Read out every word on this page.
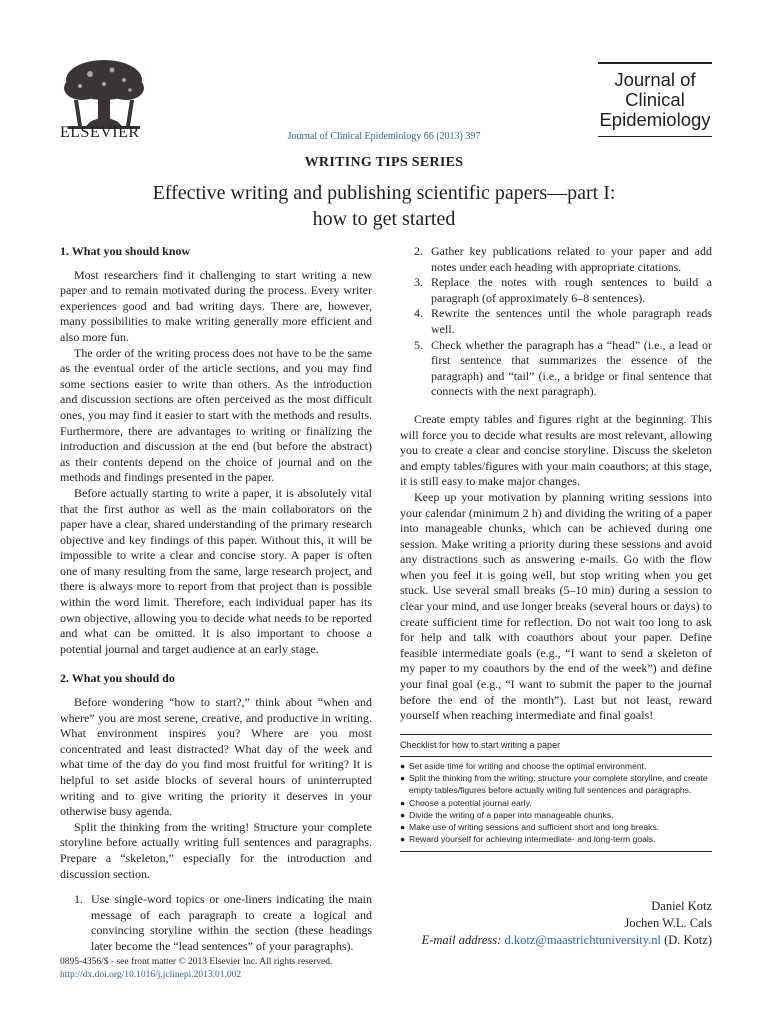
ELSEVIER	Journal of Clinical Epidemiology 66 (2013) 397
Journal of
Clinical
Epidemiology
WRITING TIPS SERIES
Effective writing and publishing scientific papers—part I:
how to get started
1. What you should know

Most researchers find it challenging to start writing a new paper and to remain motivated during the process. Every writer experiences good and bad writing days. There are, however, many possibilities to make writing generally more efficient and also more fun.

The order of the writing process does not have to be the same as the eventual order of the article sections, and you may find some sections easier to write than others. As the introduction and discussion sections are often perceived as the most difficult ones, you may find it easier to start with the methods and results. Furthermore, there are advantages to writing or finalizing the introduction and discussion at the end (but before the abstract) as their contents depend on the choice of journal and on the methods and findings presented in the paper.

Before actually starting to write a paper, it is absolutely vital that the first author as well as the main collaborators on the paper have a clear, shared understanding of the primary research objective and key findings of this paper. Without this, it will be impossible to write a clear and concise story. A paper is often one of many resulting from the same, large research project, and there is always more to report from that project than is possible within the word limit. Therefore, each individual paper has its own objective, allowing you to decide what needs to be reported and what can be omitted. It is also important to choose a potential journal and target audience at an early stage.

2. What you should do

Before wondering “how to start?,” think about “when and where” you are most serene, creative, and productive in writing. What environment inspires you? Where are you most concentrated and least distracted? What day of the week and what time of the day do you find most fruitful for writing? It is helpful to set aside blocks of several hours of uninterrupted writing and to give writing the priority it deserves in your otherwise busy agenda.

Split the thinking from the writing! Structure your complete storyline before actually writing full sentences and paragraphs. Prepare a “skeleton,” especially for the introduction and discussion section.

1. Use single-word topics or one-liners indicating the main message of each paragraph to create a logical and convincing storyline within the section (these headings later become the “lead sentences” of your paragraphs).
2. Gather key publications related to your paper and add notes under each heading with appropriate citations.
3. Replace the notes with rough sentences to build a paragraph (of approximately 6–8 sentences).
4. Rewrite the sentences until the whole paragraph reads well.
5. Check whether the paragraph has a “head” (i.e., a lead or first sentence that summarizes the essence of the paragraph) and “tail” (i.e., a bridge or final sentence that connects with the next paragraph).

Create empty tables and figures right at the beginning. This will force you to decide what results are most relevant, allowing you to create a clear and concise storyline. Discuss the skeleton and empty tables/figures with your main coauthors; at this stage, it is still easy to make major changes.

Keep up your motivation by planning writing sessions into your calendar (minimum 2 h) and dividing the writing of a paper into manageable chunks, which can be achieved during one session. Make writing a priority during these sessions and avoid any distractions such as answering e-mails. Go with the flow when you feel it is going well, but stop writing when you get stuck. Use several small breaks (5–10 min) during a session to clear your mind, and use longer breaks (several hours or days) to create sufficient time for reflection. Do not wait too long to ask for help and talk with coauthors about your paper. Define feasible intermediate goals (e.g., “I want to send a skeleton of my paper to my coauthors by the end of the week”) and define your final goal (e.g., “I want to submit the paper to the journal before the end of the month”). Last but not least, reward yourself when reaching intermediate and final goals!

Checklist for how to start writing a paper
● Set aside time for writing and choose the optimal environment.
● Split the thinking from the writing: structure your complete storyline, and create empty tables/figures before actually writing full sentences and paragraphs.
● Choose a potential journal early.
● Divide the writing of a paper into manageable chunks.
● Make use of writing sessions and sufficient short and long breaks.
● Reward yourself for achieving intermediate- and long-term goals.
Daniel Kotz
Jochen W.L. Cals
E-mail address: d.kotz@maastrichtuniversity.nl (D. Kotz)
0895-4356/$ - see front matter © 2013 Elsevier Inc. All rights reserved.
http://dx.doi.org/10.1016/j.jclinepi.2013.01.002
